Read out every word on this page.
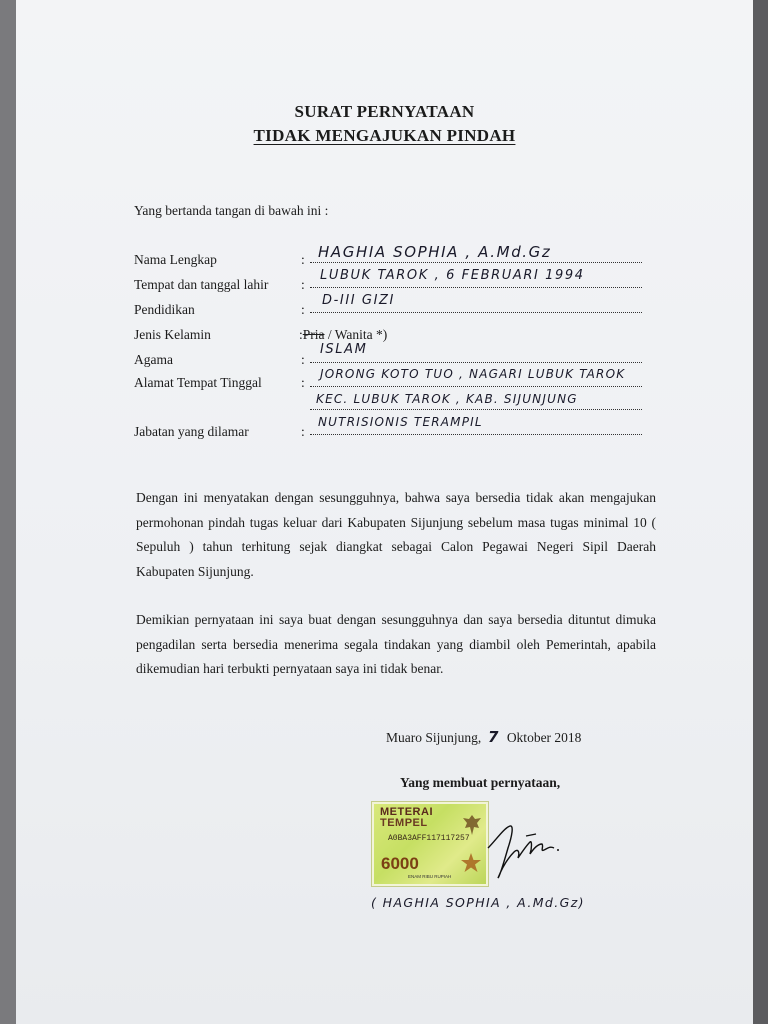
SURAT PERNYATAAN
TIDAK MENGAJUKAN PINDAH
Yang bertanda tangan di bawah ini :
Nama Lengkap	: HAGHIA SOPHIA , A.Md.Gz
Tempat dan tanggal lahir :
LUBUK TAROK , 6 FEBRUARI 1994
Pendidikan	:
D-III GIZI
Jenis Kelamin	:Pria / Wanita *)
Agama	:
ISLAM
Alamat Tempat Tinggal	:
JORONG KOTO TUO , NAGARI LUBUK TAROK
KEC. LUBUK TAROK , KAB. SIJUNJUNG
Jabatan yang dilamar	:
NUTRISIONIS TERAMPIL
Dengan ini menyatakan dengan sesungguhnya, bahwa saya bersedia tidak akan mengajukan permohonan pindah tugas keluar dari Kabupaten Sijunjung sebelum masa tugas minimal 10 ( Sepuluh ) tahun terhitung sejak diangkat sebagai Calon Pegawai Negeri Sipil Daerah Kabupaten Sijunjung.
Demikian pernyataan ini saya buat dengan sesungguhnya dan saya bersedia dituntut dimuka pengadilan serta bersedia menerima segala tindakan yang diambil oleh Pemerintah, apabila dikemudian hari terbukti pernyataan saya ini tidak benar.
Muaro Sijunjung, 7 Oktober 2018
Yang membuat pernyataan,
METERAI
TEMPEL
A0BA3AFF117117257
6000
ENAM RIBU RUPIAH
( HAGHIA SOPHIA , A.Md.Gz)
